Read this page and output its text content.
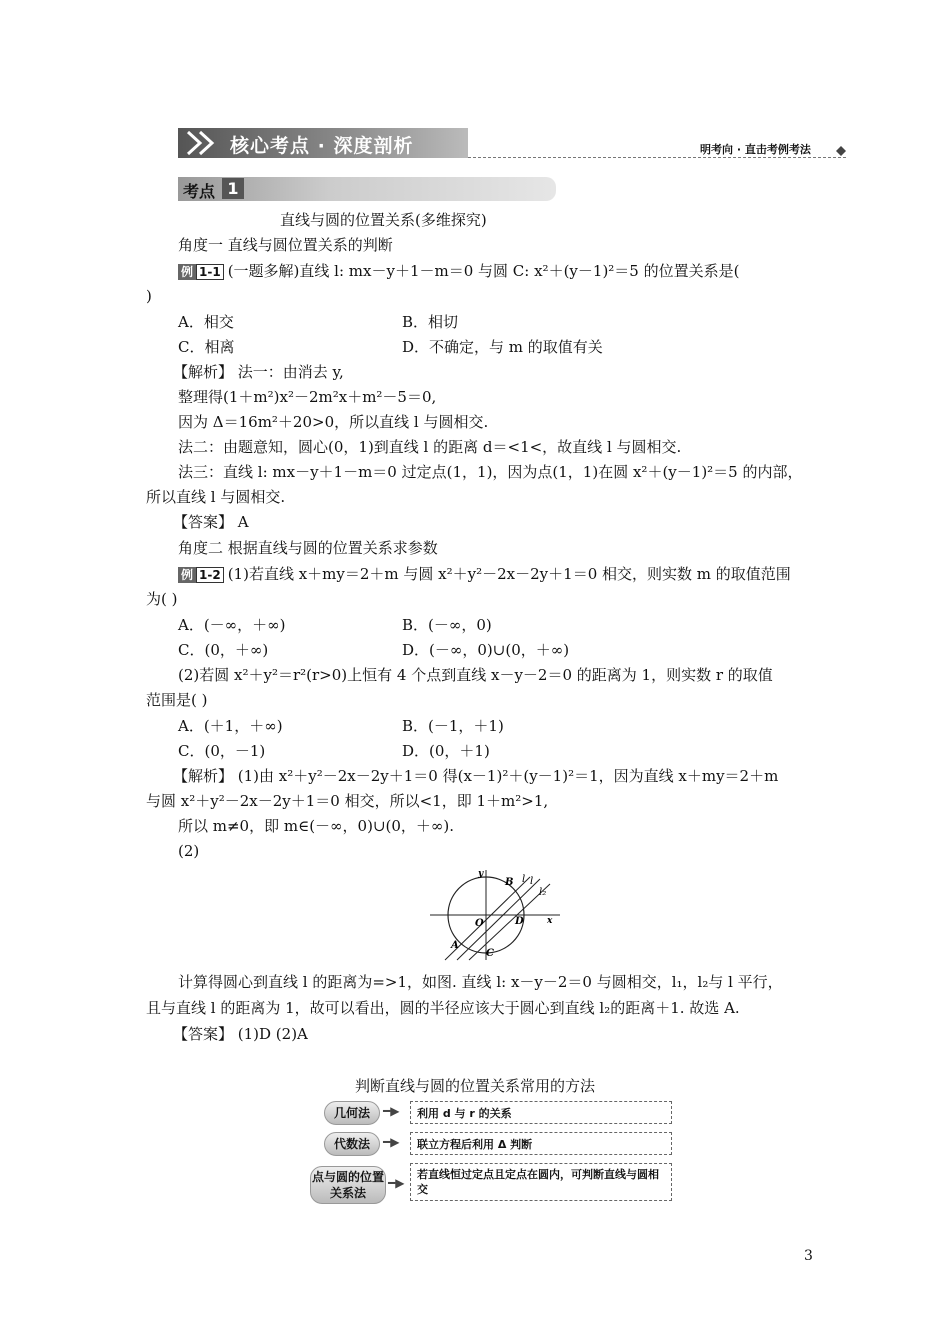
核心考点 · 深度剖析	明考向 · 直击考例考法
考点 1
直线与圆的位置关系(多维探究)
角度一 直线与圆位置关系的判断
例 1-1 (一题多解)直线 l: mx－y＋1－m＝0 与圆 C: x²＋(y－1)²＝5 的位置关系是(
)
A．相交	B．相切
C．相离	D．不确定，与 m 的取值有关
【解析】 法一：由消去 y,
整理得(1＋m²)x²－2m²x＋m²－5＝0,
因为 Δ＝16m²＋20>0，所以直线 l 与圆相交.
法二：由题意知，圆心(0，1)到直线 l 的距离 d＝<1<，故直线 l 与圆相交.
法三：直线 l: mx－y＋1－m＝0 过定点(1，1)，因为点(1，1)在圆 x²＋(y－1)²＝5 的内部，
所以直线 l 与圆相交.
【答案】 A
角度二 根据直线与圆的位置关系求参数
例 1-2 (1)若直线 x＋my＝2＋m 与圆 x²＋y²－2x－2y＋1＝0 相交，则实数 m 的取值范围
为( )
A．(－∞，＋∞)	B．(－∞，0)
C．(0，＋∞)	D．(－∞，0)∪(0，＋∞)
(2)若圆 x²＋y²＝r²(r>0)上恒有 4 个点到直线 x－y－2＝0 的距离为 1，则实数 r 的取值
范围是( )
A．(＋1，＋∞)	B．(－1，＋1)
C．(0，－1)	D．(0，＋1)
【解析】 (1)由 x²＋y²－2x－2y＋1＝0 得(x－1)²＋(y－1)²＝1，因为直线 x＋my＝2＋m
与圆 x²＋y²－2x－2y＋1＝0 相交，所以<1，即 1＋m²>1,
所以 m≠0，即 m∈(－∞，0)∪(0，＋∞).
(2)
y
x
O
B
D
A
C
l l
l₂
计算得圆心到直线 l 的距离为=>1，如图. 直线 l: x－y－2＝0 与圆相交，l₁，l₂与 l 平行，
且与直线 l 的距离为 1，故可以看出，圆的半径应该大于圆心到直线 l₂的距离＋1. 故选 A.
【答案】 (1)D (2)A
判断直线与圆的位置关系常用的方法
几何法	━▶	利用 d 与 r 的关系
代数法	━▶	联立方程后利用 Δ 判断
点与圆的位置关系法
━▶
若直线恒过定点且定点在圆内，可判断直线与圆相交
3
